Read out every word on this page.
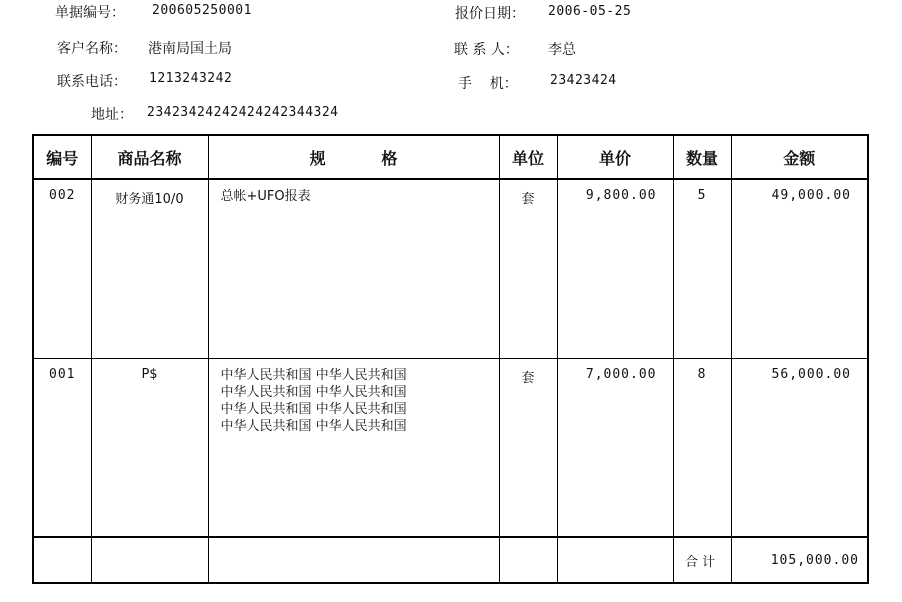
单据编号： 200605250001	报价日期： 2006-05-25
客户名称： 港南局国土局	联 系 人： 李总
联系电话： 1213243242	手    机： 23423424
地址： 23423424242424242344324
编号	商品名称	规          格	单位	单价	数量	金额

002	财务通10/0	总帐+UFO报表	套	9,800.00	5	49,000.00

001	P$	中华人民共和国 中华人民共和国
中华人民共和国 中华人民共和国
中华人民共和国 中华人民共和国
中华人民共和国 中华人民共和国	套	7,000.00	8	56,000.00

					合计	105,000.00
